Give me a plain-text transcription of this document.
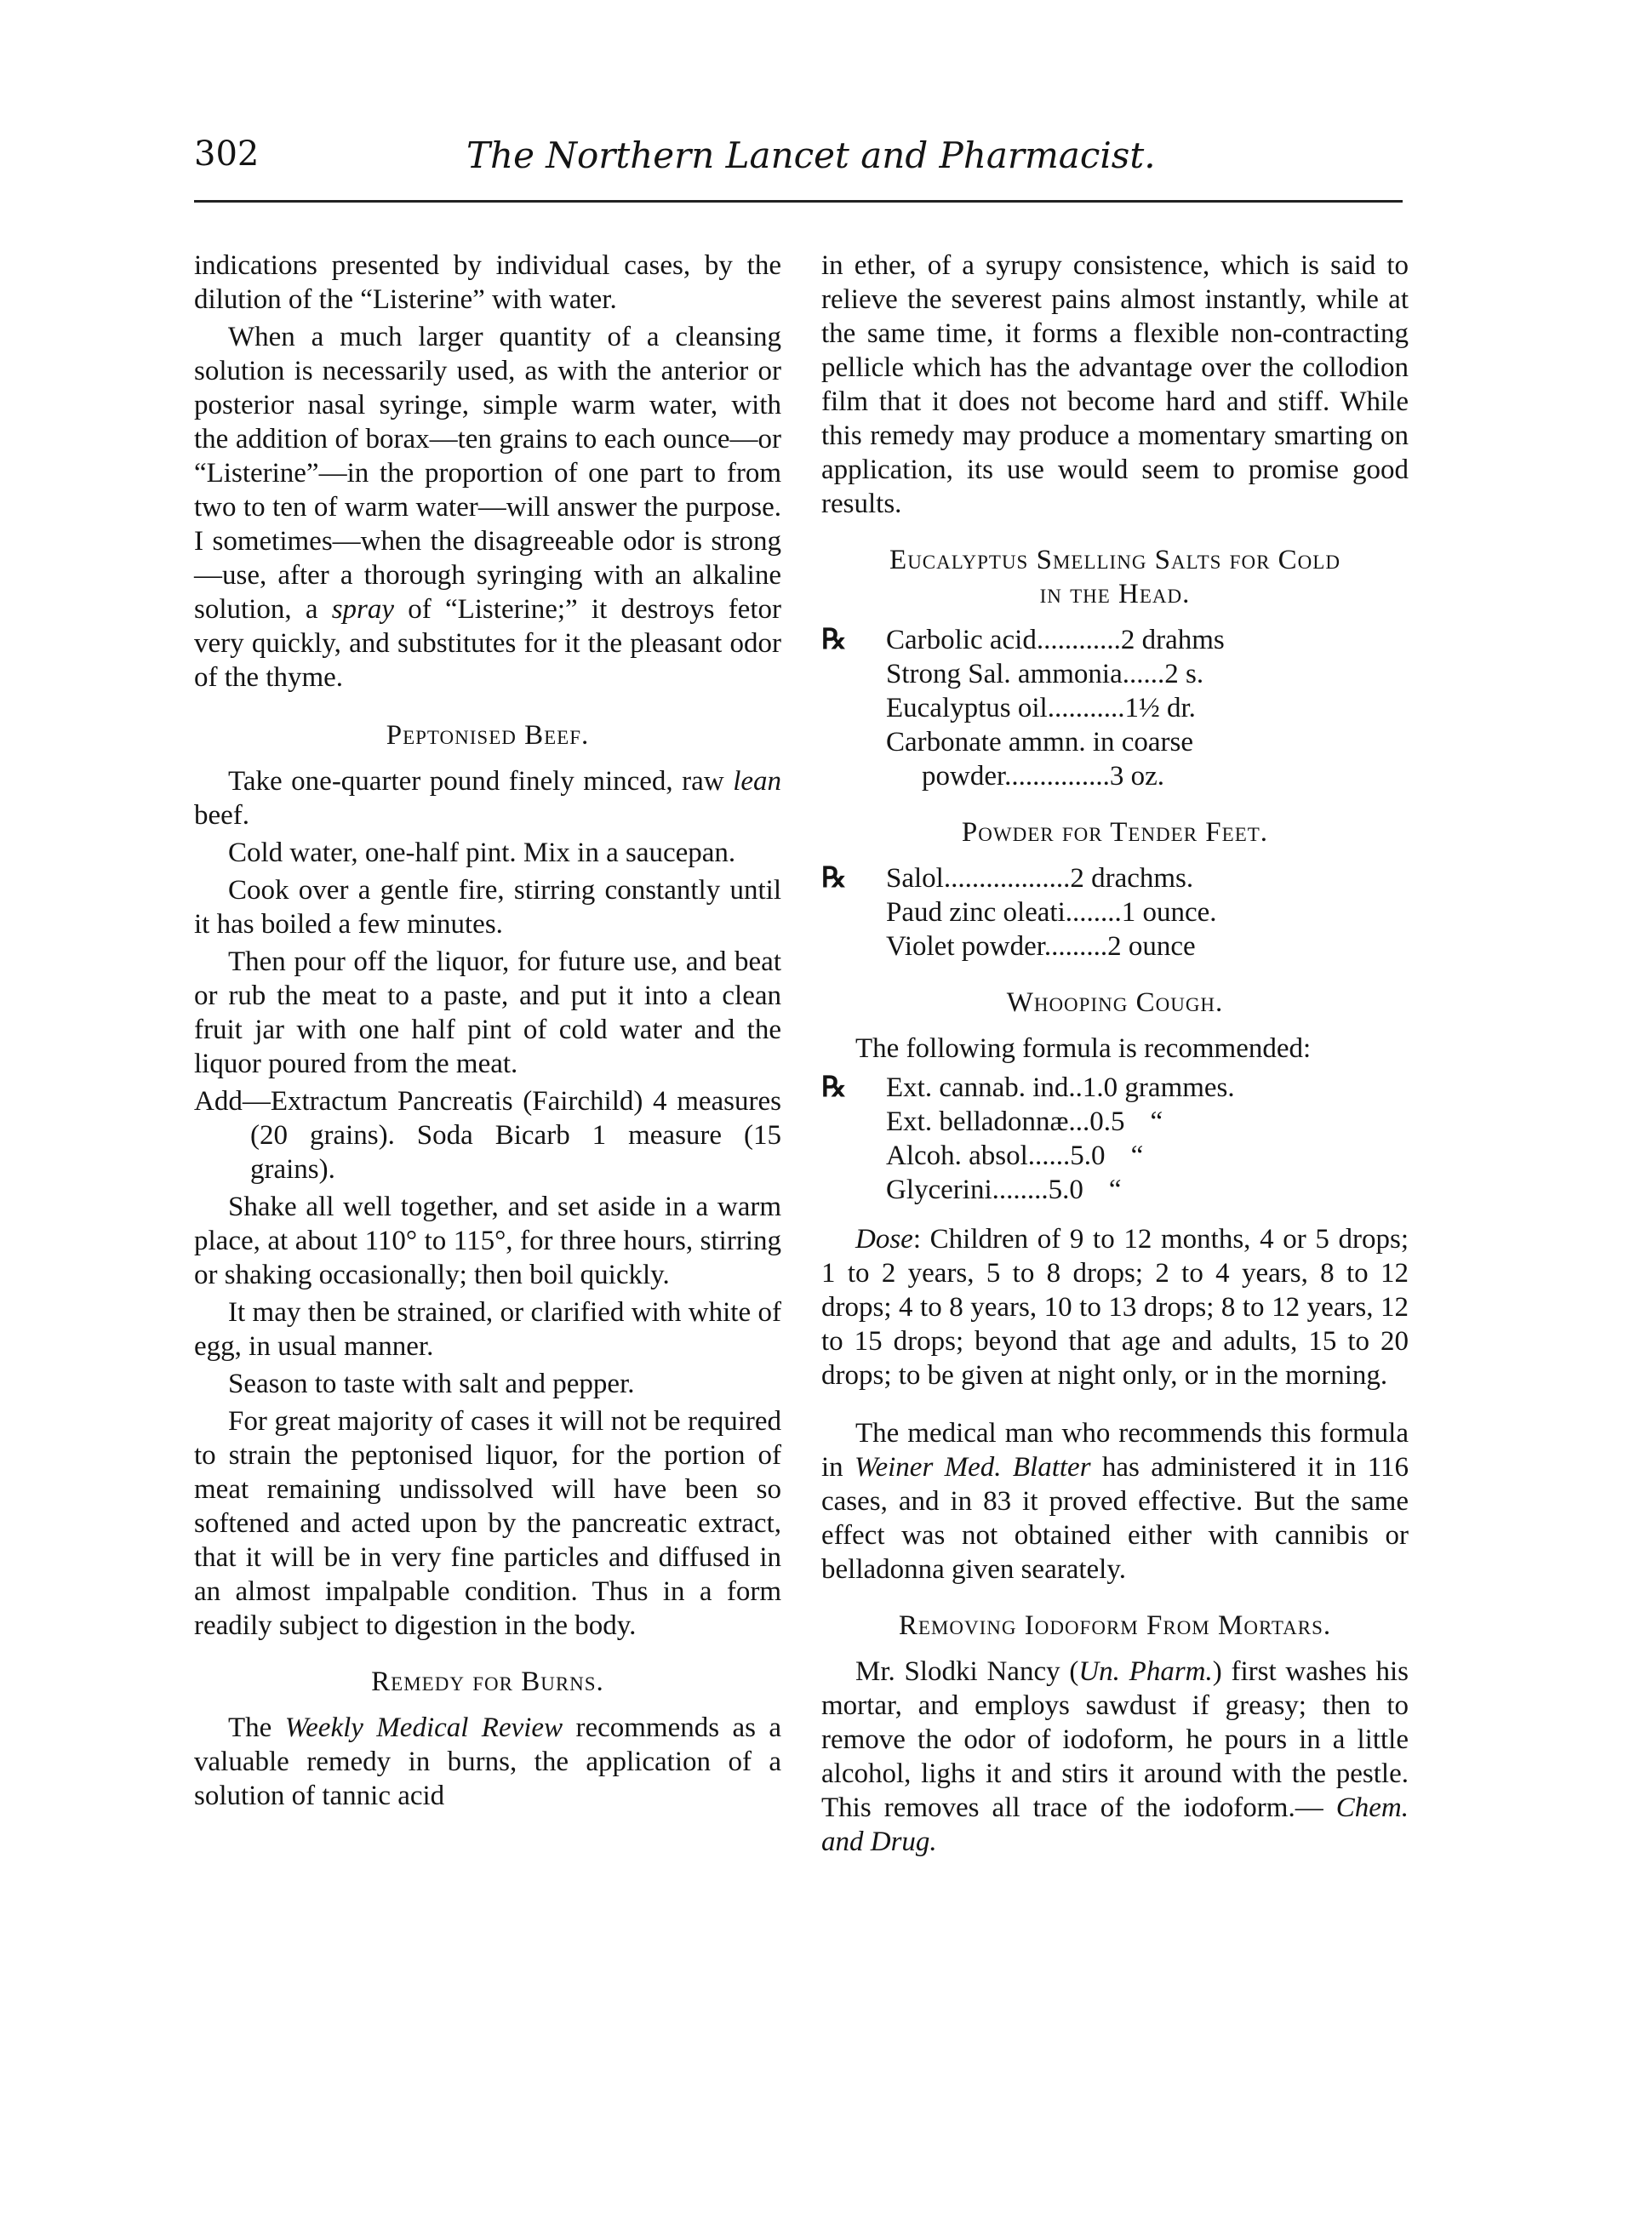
302	The Northern Lancet and Pharmacist.

indications presented by individual cases, by the dilution of the “Listerine” with water.

When a much larger quantity of a cleansing solution is necessarily used, as with the anterior or posterior nasal syringe, simple warm water, with the addition of borax—ten grains to each ounce—or “Listerine”—in the proportion of one part to from two to ten of warm water—will answer the purpose. I sometimes—when the disagreeable odor is strong—use, after a thorough syringing with an alkaline solution, a spray of “Listerine;” it destroys fetor very quickly, and substitutes for it the pleasant odor of the thyme.

Peptonised Beef.

Take one-quarter pound finely minced, raw lean beef.

Cold water, one-half pint. Mix in a saucepan.

Cook over a gentle fire, stirring constantly until it has boiled a few minutes.

Then pour off the liquor, for future use, and beat or rub the meat to a paste, and put it into a clean fruit jar with one half pint of cold water and the liquor poured from the meat.

Add—Extractum Pancreatis (Fairchild) 4 measures (20 grains). Soda Bicarb 1 measure (15 grains).

Shake all well together, and set aside in a warm place, at about 110° to 115°, for three hours, stirring or shaking occasionally; then boil quickly.

It may then be strained, or clarified with white of egg, in usual manner.

Season to taste with salt and pepper.

For great majority of cases it will not be required to strain the peptonised liquor, for the portion of meat remaining undissolved will have been so softened and acted upon by the pancreatic extract, that it will be in very fine particles and diffused in an almost impalpable condition. Thus in a form readily subject to digestion in the body.

Remedy for Burns.

The Weekly Medical Review recommends as a valuable remedy in burns, the application of a solution of tannic acid

in ether, of a syrupy consistence, which is said to relieve the severest pains almost instantly, while at the same time, it forms a flexible non-contracting pellicle which has the advantage over the collodion film that it does not become hard and stiff. While this remedy may produce a momentary smarting on application, its use would seem to promise good results.

Eucalyptus Smelling Salts for Cold
in the Head.
℞	Carbolic acid............2 drahms
Strong Sal. ammonia......2 s.
Eucalyptus oil...........1½ dr.
Carbonate ammn. in coarse
powder...............3 oz.
Powder for Tender Feet.
℞	Salol..................2 drachms.
Paud zinc oleati........1 ounce.
Violet powder.........2 ounce
Whooping Cough.

The following formula is recommended:

℞	Ext. cannab. ind..1.0 grammes.
Ext. belladonnæ...0.5 “
Alcoh. absol......5.0 “
Glycerini........5.0 “

Dose: Children of 9 to 12 months, 4 or 5 drops; 1 to 2 years, 5 to 8 drops; 2 to 4 years, 8 to 12 drops; 4 to 8 years, 10 to 13 drops; 8 to 12 years, 12 to 15 drops; beyond that age and adults, 15 to 20 drops; to be given at night only, or in the morning.

The medical man who recommends this formula in Weiner Med. Blatter has administered it in 116 cases, and in 83 it proved effective. But the same effect was not obtained either with cannibis or belladonna given searately.

Removing Iodoform From Mortars.

Mr. Slodki Nancy (Un. Pharm.) first washes his mortar, and employs sawdust if greasy; then to remove the odor of iodoform, he pours in a little alcohol, lighs it and stirs it around with the pestle. This removes all trace of the iodoform.— Chem. and Drug.
